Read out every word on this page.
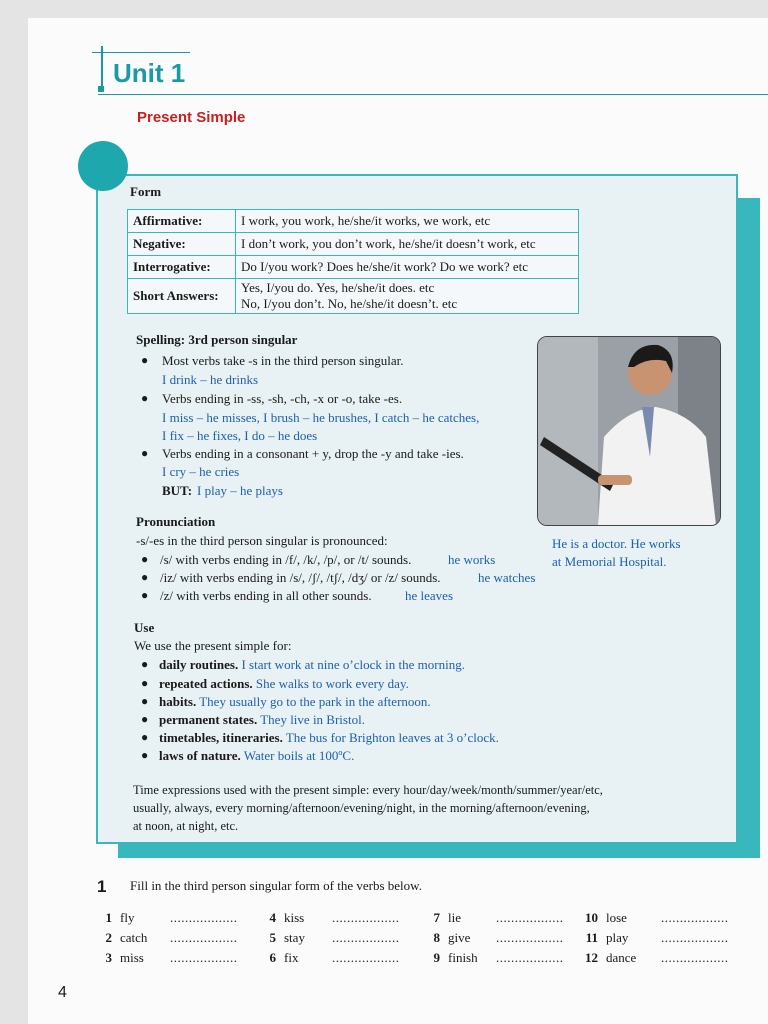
Unit 1
Present Simple
Form
Affirmative:	I work, you work, he/she/it works, we work, etc
Negative:	I don’t work, you don’t work, he/she/it doesn’t work, etc
Interrogative:	Do I/you work? Does he/she/it work? Do we work? etc
Short Answers:	Yes, I/you do. Yes, he/she/it does. etc
No, I/you don’t. No, he/she/it doesn’t. etc
Spelling: 3rd person singular
● Most verbs take -s in the third person singular.
I drink – he drinks
● Verbs ending in -ss, -sh, -ch, -x or -o, take -es.
I miss – he misses, I brush – he brushes, I catch – he catches,
I fix – he fixes, I do – he does
● Verbs ending in a consonant + y, drop the -y and take -ies.
I cry – he cries
BUT: I play – he plays
He is a doctor. He works
at Memorial Hospital.
Pronunciation
-s/-es in the third person singular is pronounced:
● /s/ with verbs ending in /f/, /k/, /p/, or /t/ sounds.	he works
● /iz/ with verbs ending in /s/, /ʃ/, /tʃ/, /dʒ/ or /z/ sounds.	he watches
● /z/ with verbs ending in all other sounds.	he leaves
Use
We use the present simple for:
● daily routines. I start work at nine o’clock in the morning.
● repeated actions. She walks to work every day.
● habits. They usually go to the park in the afternoon.
● permanent states. They live in Bristol.
● timetables, itineraries. The bus for Brighton leaves at 3 o’clock.
● laws of nature. Water boils at 100ºC.
Time expressions used with the present simple: every hour/day/week/month/summer/year/etc,
usually, always, every morning/afternoon/evening/night, in the morning/afternoon/evening,
at noon, at night, etc.
1 Fill in the third person singular form of the verbs below.
1 fly	..................
2 catch ..................
3 miss ..................
4 kiss ..................
5 stay ..................
6 fix	..................
7 lie	..................
8 give ..................
9 finish ..................
10 lose	..................
11 play	..................
12 dance ..................
4
